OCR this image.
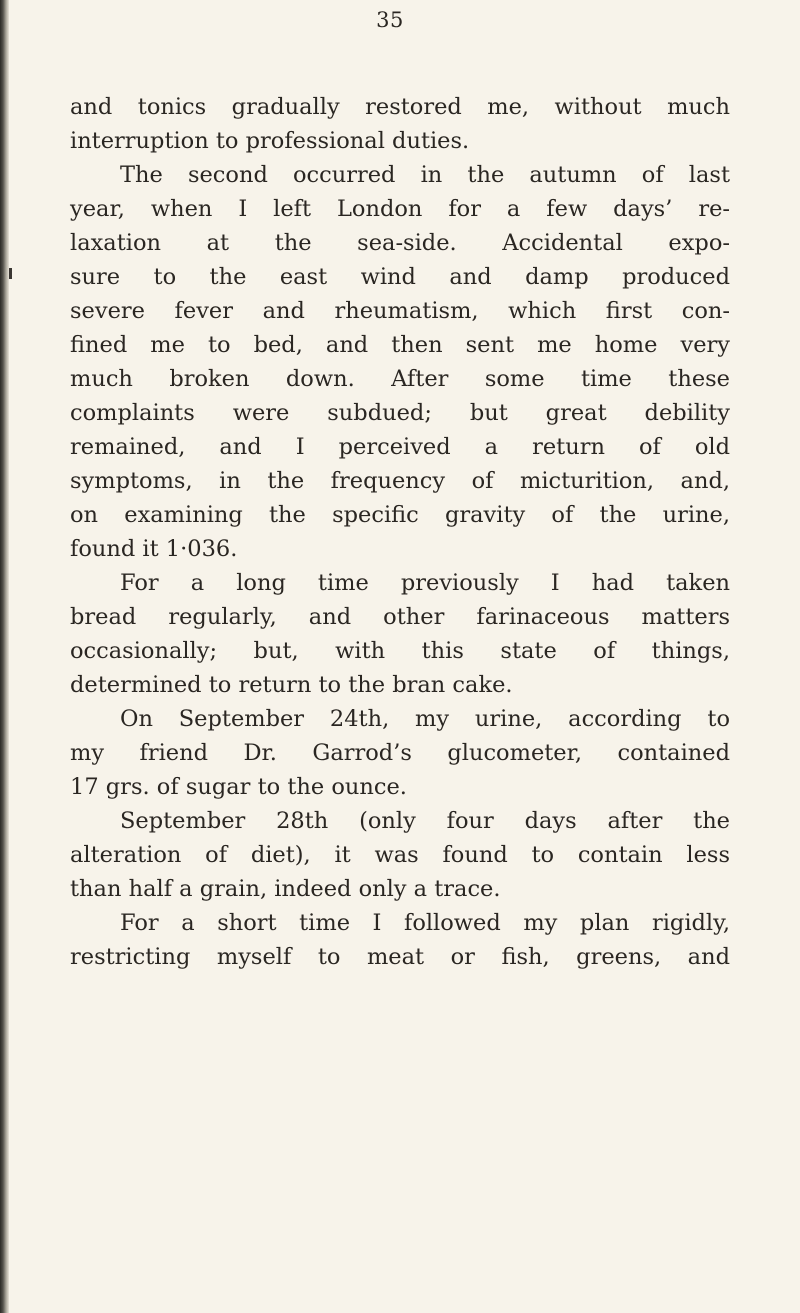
35
and tonics gradually restored me, without much
interruption to professional duties.
The second occurred in the autumn of last
year, when I left London for a few days’ re-
laxation at the sea-side. Accidental expo-
sure to the east wind and damp produced
severe fever and rheumatism, which first con-
fined me to bed, and then sent me home very
much broken down. After some time these
complaints were subdued; but great debility
remained, and I perceived a return of old
symptoms, in the frequency of micturition, and,
on examining the specific gravity of the urine,
found it 1·036.
For a long time previously I had taken
bread regularly, and other farinaceous matters
occasionally; but, with this state of things,
determined to return to the bran cake.
On September 24th, my urine, according to
my friend Dr. Garrod’s glucometer, contained
17 grs. of sugar to the ounce.
September 28th (only four days after the
alteration of diet), it was found to contain less
than half a grain, indeed only a trace.
For a short time I followed my plan rigidly,
restricting myself to meat or fish, greens, and
